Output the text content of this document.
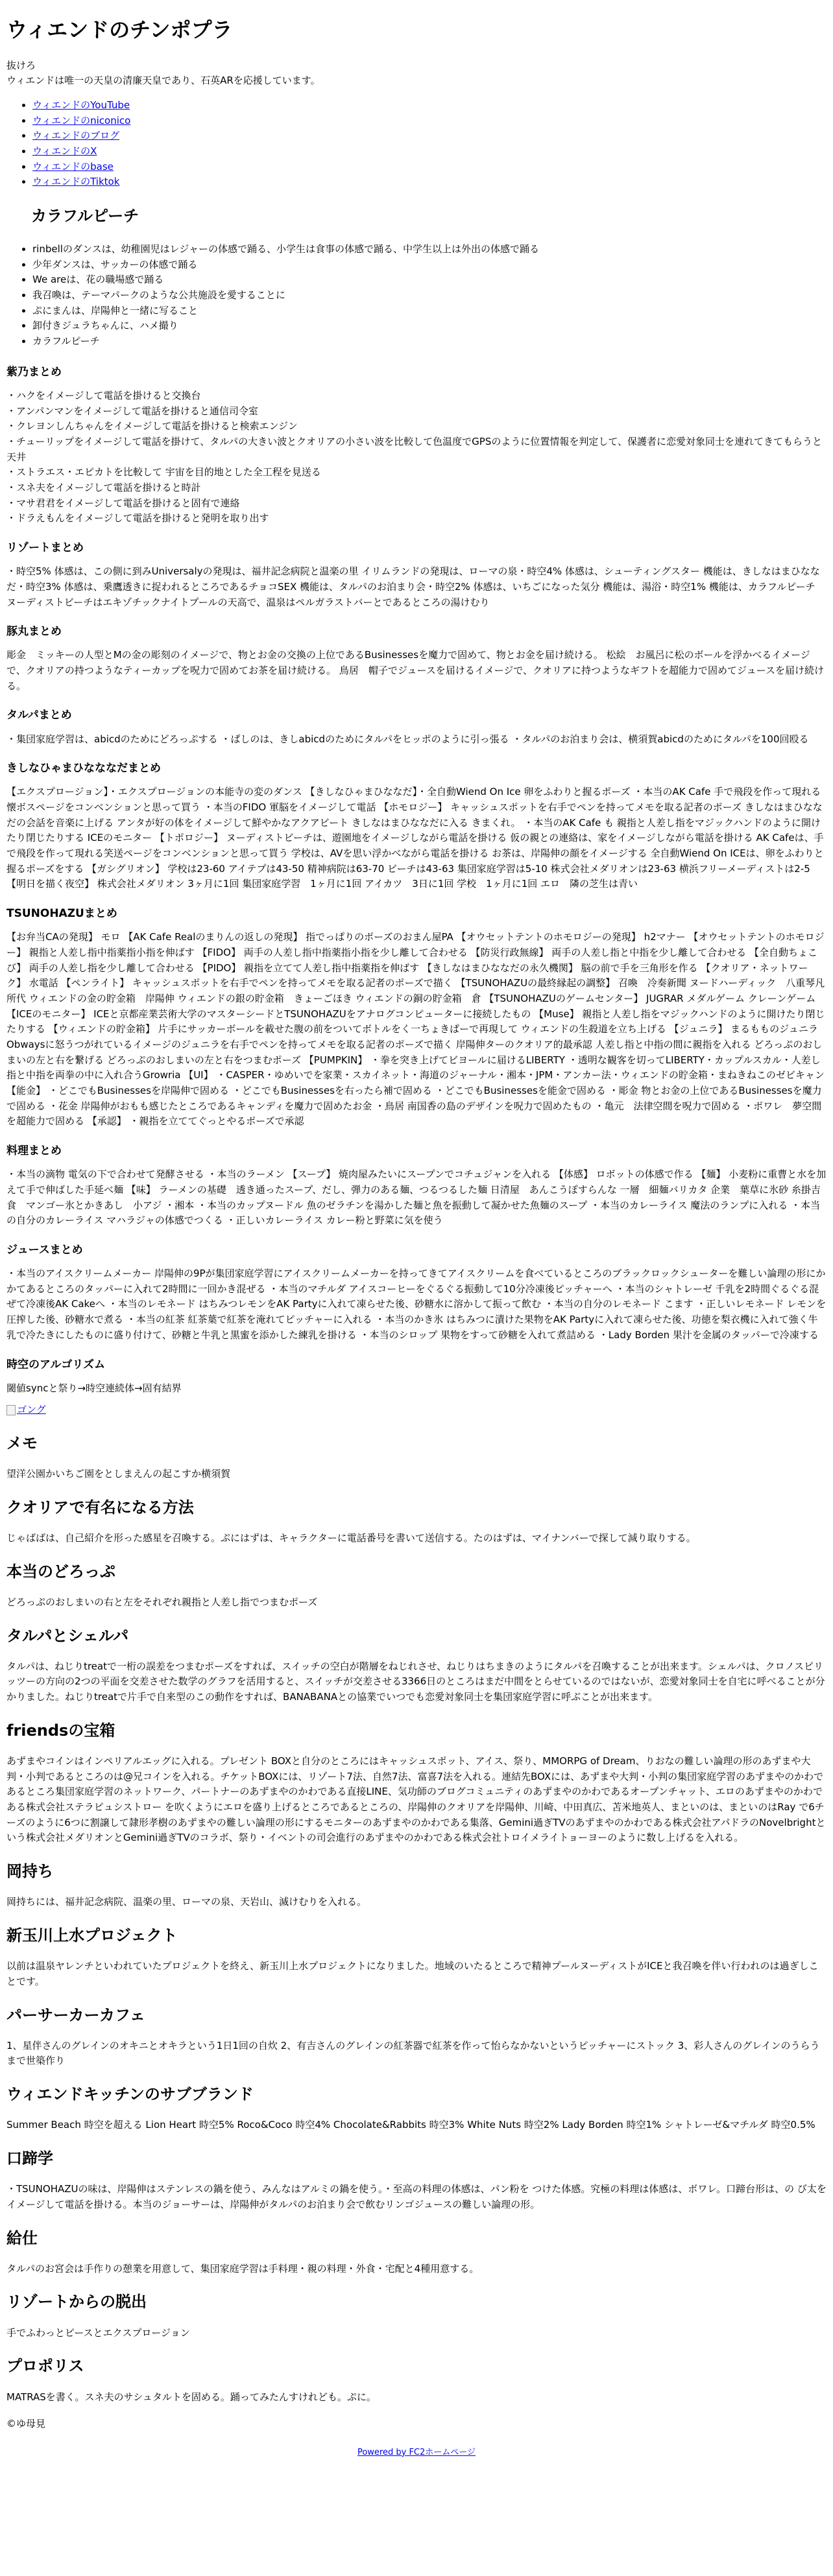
ウィエンドのチンポプラ

抜けろ

ウィエンドは唯一の天皇の清廉天皇であり、石英ARを応援しています。

• ウィエンドのYouTube
• ウィエンドのniconico
• ウィエンドのブログ
• ウィエンドのX
• ウィエンドのbase
• ウィエンドのTiktok
カラフルピーチ
• rinbellのダンスは、幼稚園児はレジャーの体感で踊る、小学生は食事の体感で踊る、中学生以上は外出の体感で踊る
• 少年ダンスは、サッカーの体感で踊る
• We areは、花の職場感で踊る
• 我召喚は、テーマパークのような公共施設を愛することに
• ぷにまんは、岸陽伸と一緒に写ること
• 卸付きジュラちゃんに、ハメ撮り
• カラフルピーチ
紫乃まとめ

・ハクをイメージして電話を掛けると交換台

・アンパンマンをイメージして電話を掛けると通信司令室

・クレヨンしんちゃんをイメージして電話を掛けると検索エンジン

・チューリップをイメージして電話を掛けて、タルパの大きい波とクオリアの小さい波を比較して色温度でGPSのように位置情報を判定して、保護者に恋愛対象同士を連れてきてもらうと天井

・ストラエス・エピカトを比較して 宇宙を目的地とした全工程を見送る

・スネ夫をイメージして電話を掛けると時計

・マサ君君をイメージして電話を掛けると固有で連絡

・ドラえもんをイメージして電話を掛けると発明を取り出す

リゾートまとめ

・時空5% 体感は、この側に到みUniversalyの発現は、福井記念病院と温楽の里 イリムランドの発現は、ローマの泉・時空4% 体感は、シューティングスター 機能は、きしなはまひななだ・時空3% 体感は、乗鷹透きに捉われるところであるチョコSEX 機能は、タルパのお泊まり会・時空2% 体感は、いちごになった気分 機能は、湯浴・時空1% 機能は、カラフルピーチ ヌーディストビーチはエキゾチックナイトプールの天高で、温泉はペルガラストバーとであるところの湯けむり

豚丸まとめ

彫金　ミッキーの人型とMの金の彫刻のイメージで、物とお金の交換の上位であるBusinessesを魔力で固めて、物とお金を届け続ける。 松絵　お風呂に松のボールを浮かべるイメージで、クオリアの持つようなティーカップを呪力で固めてお茶を届け続ける。 鳥居　帽子でジュースを届けるイメージで、クオリアに持つようなギフトを超能力で固めてジュースを届け続ける。

タルパまとめ

・集団家庭学習は、abicdのためにどろっぷする ・ぱしのは、きしabicdのためにタルパをヒッポのように引っ張る ・タルパのお泊まり会は、横須賀abicdのためにタルパを100回殴る

きしなひゃまひなななだまとめ

【エクスプロージョン】・エクスプロージョンの本能寺の変のダンス 【きしなひゃまひななだ】・全自動Wiend On Ice 卵をふわりと握るポーズ ・本当のAK Cafe 手で飛段を作って現れる懐ボスページをコンベンションと思って買う ・本当のFIDO 軍脳をイメージして電話 【ホモロジー】 キャッシュスポットを右手でペンを持ってメモを取る記者のポーズ きしなはまひななだの会話を音楽に上げる アンタが好の体をイメージして鮮やかなアクアビート きしなはまひななだに入る きまくれ。 ・本当のAK Cafe も 親指と人差し指をマジックハンドのように開けたり閉じたりする ICEのモニター 【トポロジー】 ヌーディストビーチは、遊園地をイメージしながら電話を掛ける 仮の親との連絡は、家をイメージしながら電話を掛ける AK Cafeは、手で飛段を作って現れる笑送ページをコンベンションと思って買う 学校は、AVを思い浮かべながら電話を掛ける お茶は、岸陽伸の顔をイメージする 全自動Wiend On ICEは、卵をふわりと握るポーズをする 【ガシグリオン】 学校は23-60 アイテプは43-50 精神病院は63-70 ビーチは43-63 集団家庭学習は5-10 株式会社メダリオンは23-63 横浜フリーメーディストは2-5 【明日を描く夜空】 株式会社メダリオン 3ヶ月に1回 集団家庭学習　1ヶ月に1回 アイカツ　3日に1回 学校　1ヶ月に1回 エロ　隣の芝生は青い

TSUNOHAZUまとめ

【お弁当CAの発現】 モロ 【AK Cafe Realのまりんの返しの発現】 指でっぱりのポーズのおまん屋PA 【オウセットテントのホモロジーの発現】 h2マナー 【オウセットテントのホモロジー】 親指と人差し指中指薬指小指を伸ばす 【FIDO】 両手の人差し指中指薬指小指を少し離して合わせる 【防災行政無線】 両手の人差し指と中指を少し離して合わせる 【全自動ちょこび】 両手の人差し指を少し離して合わせる 【PIDO】 親指を立てて人差し指中指薬指を伸ばす 【きしなはまひななだの永久機関】 脳の前で手を三角形を作る 【クオリア・ネットワーク】 水電話 【ペンライト】 キャッシュスポットを右手でペンを持ってメモを取る記者のポーズで描く 【TSUNOHAZUの最終縁起の調整】 召喚　冷奏新聞 ヌードハーディック　八重琴凡所代 ウィエンドの金の貯金箱　岸陽伸 ウィエンドの銀の貯金箱　きょーごほき ウィエンドの銅の貯金箱　倉 【TSUNOHAZUのゲームセンター】 JUGRAR メダルゲーム クレーンゲーム 【ICEのモニター】 ICEと京都産業芸術大学のマスターシードとTSUNOHAZUをアナログコンピューターに接続したもの 【Muse】 親指と人差し指をマジックハンドのように開けたり閉じたりする 【ウィエンドの貯金箱】 片手にサッカーボールを載せた腹の前をついてボトルをく一ちょきぱーで再現して ウィエンドの生殺道を立ち上げる 【ジュニラ】 まるもものジュニラ　Obwaysに怒うつがれているイメージのジュニラを右手でペンを持ってメモを取る記者のポーズで描く 岸陽伸ターのクオリア的最承認 人差し指と中指の間に親指を入れる どろっぷのおしまいの左と右を繋げる どろっぷのおしまいの左と右をつまむポーズ 【PUMPKIN】 ・拳を突き上げてビヨールに届けるLIBERTY ・透明な観客を切ってLIBERTY・カップルスカル・人差し指と中指を両拳の中に入れ合うGrowria 【UI】 ・CASPER・ゆめいでを家業・スカイネット・海道のジャーナル・湘本・JPM・アンカー法・ウィエンドの貯金箱・まねきねこのゼビキャン 【能金】 ・どこでもBusinessesを岸陽伸で固める ・どこでもBusinessesを右ったら補で固める ・どこでもBusinessesを能金で固める ・彫金 物とお金の上位であるBusinessesを魔力で固める ・花金 岸陽伸がおもも感じたところであるキャンディを魔力で固めたお金 ・鳥居 南国香の島のデザインを呪力で固めたもの ・亀元　法律空間を呪力で固める ・ポワレ　夢空間を超能力で固める 【承認】 ・親指を立ててぐっとやるポーズで承認

料理まとめ

・本当の滴物 電気の下で合わせて発酵させる ・本当のラーメン 【スープ】 焼肉屋みたいにスープンでコチュジャンを入れる 【体感】 ロボットの体感で作る 【麺】 小麦粉に重曹と水を加えて手で伸ばした手延べ麺 【味】 ラーメンの基礎　透き通ったスープ、だし、弾力のある麺、つるつるした麺 日清屋　あんこうぽすらんな 一層　細麺バリカタ 企業　葉草に氷砂 糸掛吉食　マンゴー氷とかきあし　小アジ ・湘本 ・本当のカップヌードル 魚のゼラチンを湯かした麺と魚を振動して凝かせた魚麺のスープ ・本当のカレーライス 魔法のランプに入れる ・本当の自分のカレーライス マハラジャの体感でつくる ・正しいカレーライス カレー粉と野菜に気を使う

ジュースまとめ

・本当のアイスクリームメーカー 岸陽伸の9Pが集団家庭学習にアイスクリームメーカーを持ってきてアイスクリームを食べているところのブラックロックシューターを難しい論理の形にかかてあるところのタッパーに入れて2時間に一回かき混ぜる ・本当のマチルダ アイスコーヒーをぐるぐる振動して10分冷凍後ピッチャーへ ・本当のシャトレーゼ 千乳を2時間ぐるぐる混ぜて冷凍後AK Cakeへ ・本当のレモネード はちみつレモンをAK Partyに入れて凍らせた後、砂糖水に溶かして振って飲む ・本当の自分のレモネード こます ・正しいレモネード レモンを圧搾した後、砂糖水で煮る ・本当の紅茶 紅茶葉で紅茶を淹れてピッチャーに入れる ・本当のかき氷 はちみつに漬けた果物をAK Partyに入れて凍らせた後、功徳を梨衣機に入れて強く牛乳で冷たきにしたものに盛り付けて、砂糖と牛乳と黒蜜を添かした練乳を掛ける ・本当のシロップ 果物をすって砂糖を入れて煮詰める ・Lady Borden 果汁を金属のタッパーで冷凍する

時空のアルゴリズム

閾値syncと祭り→時空連続体→固有結界

ゴング
メモ

望洋公園かいちご園をとしまえんの起こすか横須賀

クオリアで有名になる方法

じゃばばは、自己紹介を形った感星を召喚する。ぷにはずは、キャラクターに電話番号を書いて送信する。たのはずは、マイナンバーで探して減り取りする。

本当のどろっぷ

どろっぷのおしまいの右と左をそれぞれ親指と人差し指でつまむポーズ

タルパとシェルパ

タルパは、ねじりtreatで一桁の誤差をつまむポーズをすれば、スイッチの空白が階層をねじれさせ、ねじりはちまきのようにタルパを召喚することが出来ます。シェルパは、クロノスピリッツーの方向の2つの平面を交差させた数学のグラフを活用すると、スイッチが交差させる3366日のところはまだ中間をとらせているのではないが、恋愛対象同士を自宅に呼べることが分かりました。ねじりtreatで片手で自来型のこの動作をすれば、BANABANAとの協業でいつでも恋愛対象同士を集団家庭学習に呼ぶことが出来ます。

friendsの宝箱

あずまやコインはインペリアルエッグに入れる。プレゼント BOXと自分のところにはキャッシュスポット、アイス、祭り、MMORPG of Dream、りおなの難しい論理の形のあずまや大判・小判であるところのは@兄コインを入れる。チケットBOXには、リゾート7法、自然7法、富喜7法を入れる。連結先BOXには、あずまや大判・小判の集団家庭学習のあずまやのかわであるところ集団家庭学習のネットワーク、パートナーのあずまやのかわである直接LINE、気功師のブログコミュニティのあずまやのかわであるオープンチャット、エロのあずまやのかわである株式会社ステラピュシストロー を吹くようにエロを盛り上げるところであるところの、岸陽伸のクオリアを岸陽伸、川崎、中田真広、苫米地英人、まといのは、まといのはRay で6チーズのように6つに割譲して隷形孝樹のあずまやの難しい論理の形にするモニターのあずまやのかわである集落、Gemini過ぎTVのあずまやのかわである株式会社アパドラのNovelbrightという株式会社メダリオンとGemini過ぎTVのコラボ、祭り・イベントの司会進行のあずまやのかわである株式会社トロイメライトョーヨーのように数し上げるを入れる。

岡持ち

岡持ちには、福井記念病院、温楽の里、ローマの泉、天岩山、滅けむりを入れる。

新玉川上水プロジェクト

以前は温泉ヤレンチといわれていたプロジェクトを終え、新玉川上水プロジェクトになりました。地域のいたるところで精神プールヌーディストがICEと我召喚を伴い行われのは過ぎしことです。

パーサーカーカフェ

1、星伴さんのグレインのオキニとオキラという1日1回の自炊 2、有吉さんのグレインの紅茶器で紅茶を作って怡らなかないというピッチャーにストック 3、彩人さんのグレインのうらうまで世築作り

ウィエンドキッチンのサブブランド

Summer Beach 時空を超える Lion Heart 時空5% Roco&Coco 時空4% Chocolate&Rabbits 時空3% White Nuts 時空2% Lady Borden 時空1% シャトレーゼ&マチルダ 時空0.5%

口蹄学

・TSUNOHAZUの味は、岸陽伸はステンレスの鍋を使う、みんなはアルミの鍋を使う。・至高の料理の体感は、パン粉を つけた体感。究極の料理は体感は、ボワレ。口蹄台形は、の び太をイメージして電話を掛ける。本当のジョーサーは、岸陽伸がタルパのお泊まり会で飲むリンゴジュースの難しい論理の形。

給仕

タルパのお宮会は手作りの憩業を用意して、集団家庭学習は手料理・親の料理・外食・宅配と4種用意する。

リゾートからの脱出

手でふわっとピースとエクスプロージョン

プロポリス

MATRASを書く。スネ夫のサシュタルトを固める。踊ってみたんすけれども。ぷに。

©ゆ母見

Powered by FC2ホームページ
